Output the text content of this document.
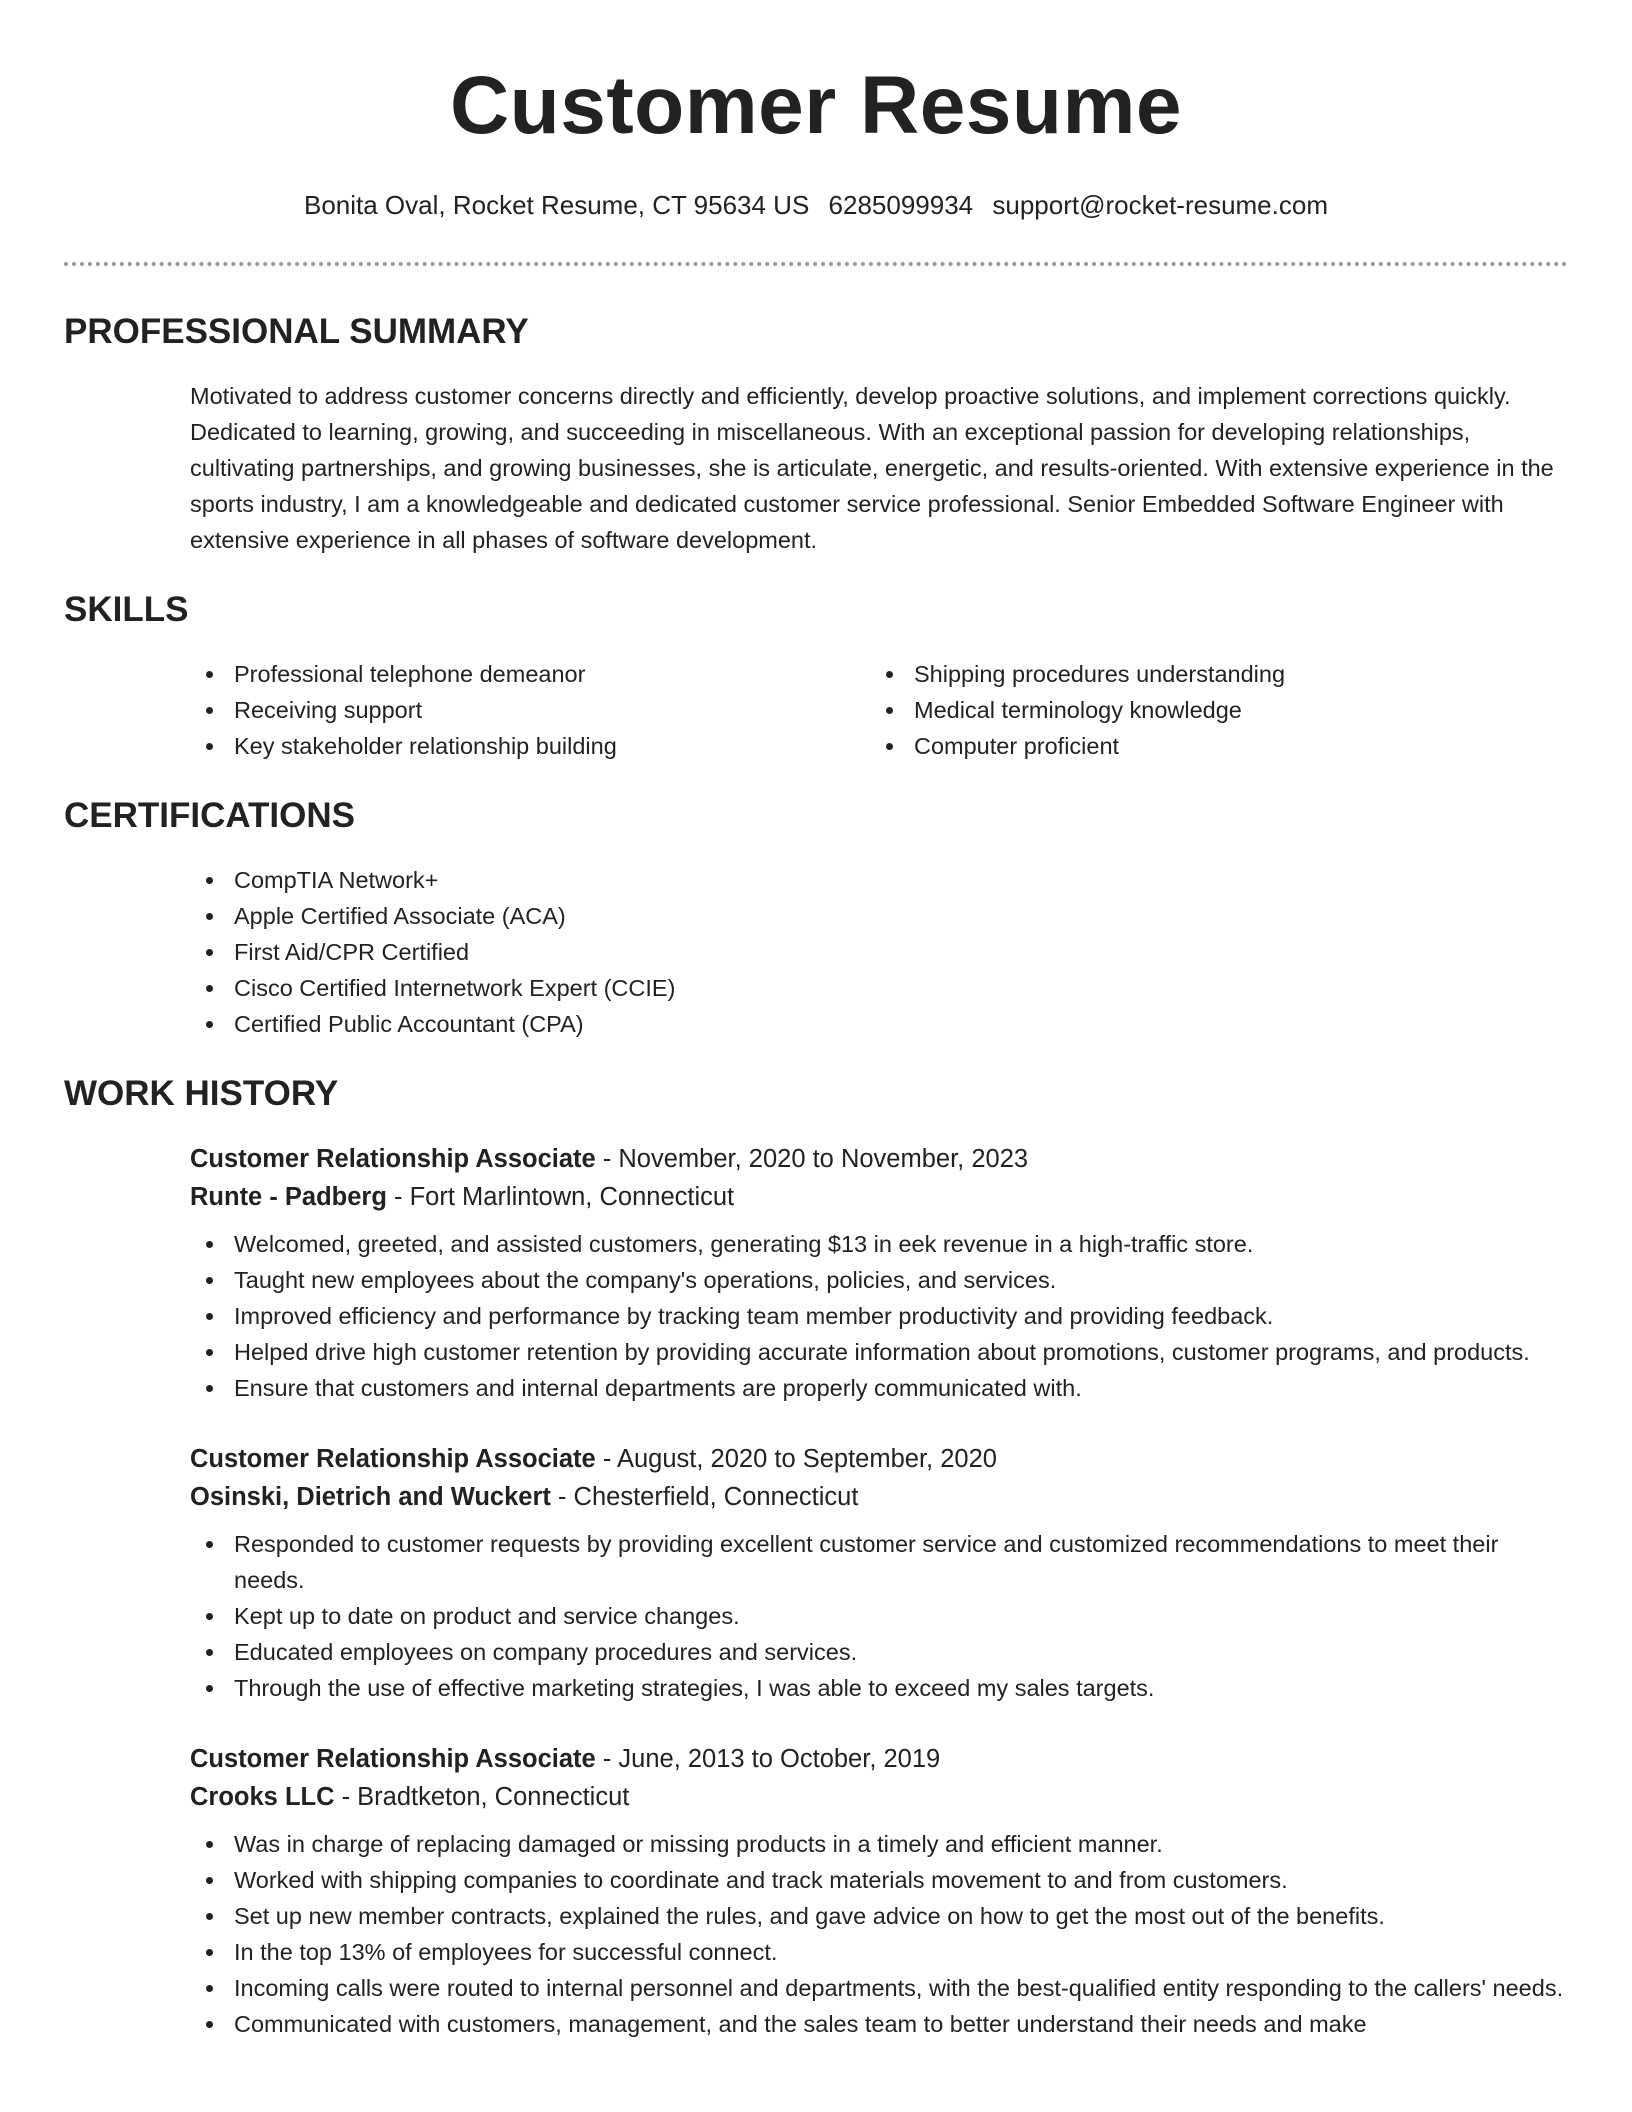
Customer Resume
Bonita Oval, Rocket Resume, CT 95634 US 6285099934 support@rocket-resume.com
PROFESSIONAL SUMMARY

Motivated to address customer concerns directly and efficiently, develop proactive solutions, and implement corrections quickly. Dedicated to learning, growing, and succeeding in miscellaneous. With an exceptional passion for developing relationships, cultivating partnerships, and growing businesses, she is articulate, energetic, and results-oriented. With extensive experience in the sports industry, I am a knowledgeable and dedicated customer service professional. Senior Embedded Software Engineer with extensive experience in all phases of software development.

SKILLS
Professional telephone demeanor
Receiving support
Key stakeholder relationship building
Shipping procedures understanding
Medical terminology knowledge
Computer proficient
CERTIFICATIONS
CompTIA Network+
Apple Certified Associate (ACA)
First Aid/CPR Certified
Cisco Certified Internetwork Expert (CCIE)
Certified Public Accountant (CPA)
WORK HISTORY
Customer Relationship Associate - November, 2020 to November, 2023
Runte - Padberg - Fort Marlintown, Connecticut
Welcomed, greeted, and assisted customers, generating $13 in eek revenue in a high-traffic store.
Taught new employees about the company's operations, policies, and services.
Improved efficiency and performance by tracking team member productivity and providing feedback.
Helped drive high customer retention by providing accurate information about promotions, customer programs, and products.
Ensure that customers and internal departments are properly communicated with.
Customer Relationship Associate - August, 2020 to September, 2020
Osinski, Dietrich and Wuckert - Chesterfield, Connecticut
Responded to customer requests by providing excellent customer service and customized recommendations to meet their needs.
Kept up to date on product and service changes.
Educated employees on company procedures and services.
Through the use of effective marketing strategies, I was able to exceed my sales targets.
Customer Relationship Associate - June, 2013 to October, 2019
Crooks LLC - Bradtketon, Connecticut
Was in charge of replacing damaged or missing products in a timely and efficient manner.
Worked with shipping companies to coordinate and track materials movement to and from customers.
Set up new member contracts, explained the rules, and gave advice on how to get the most out of the benefits.
In the top 13% of employees for successful connect.
Incoming calls were routed to internal personnel and departments, with the best-qualified entity responding to the callers' needs.
Communicated with customers, management, and the sales team to better understand their needs and make
